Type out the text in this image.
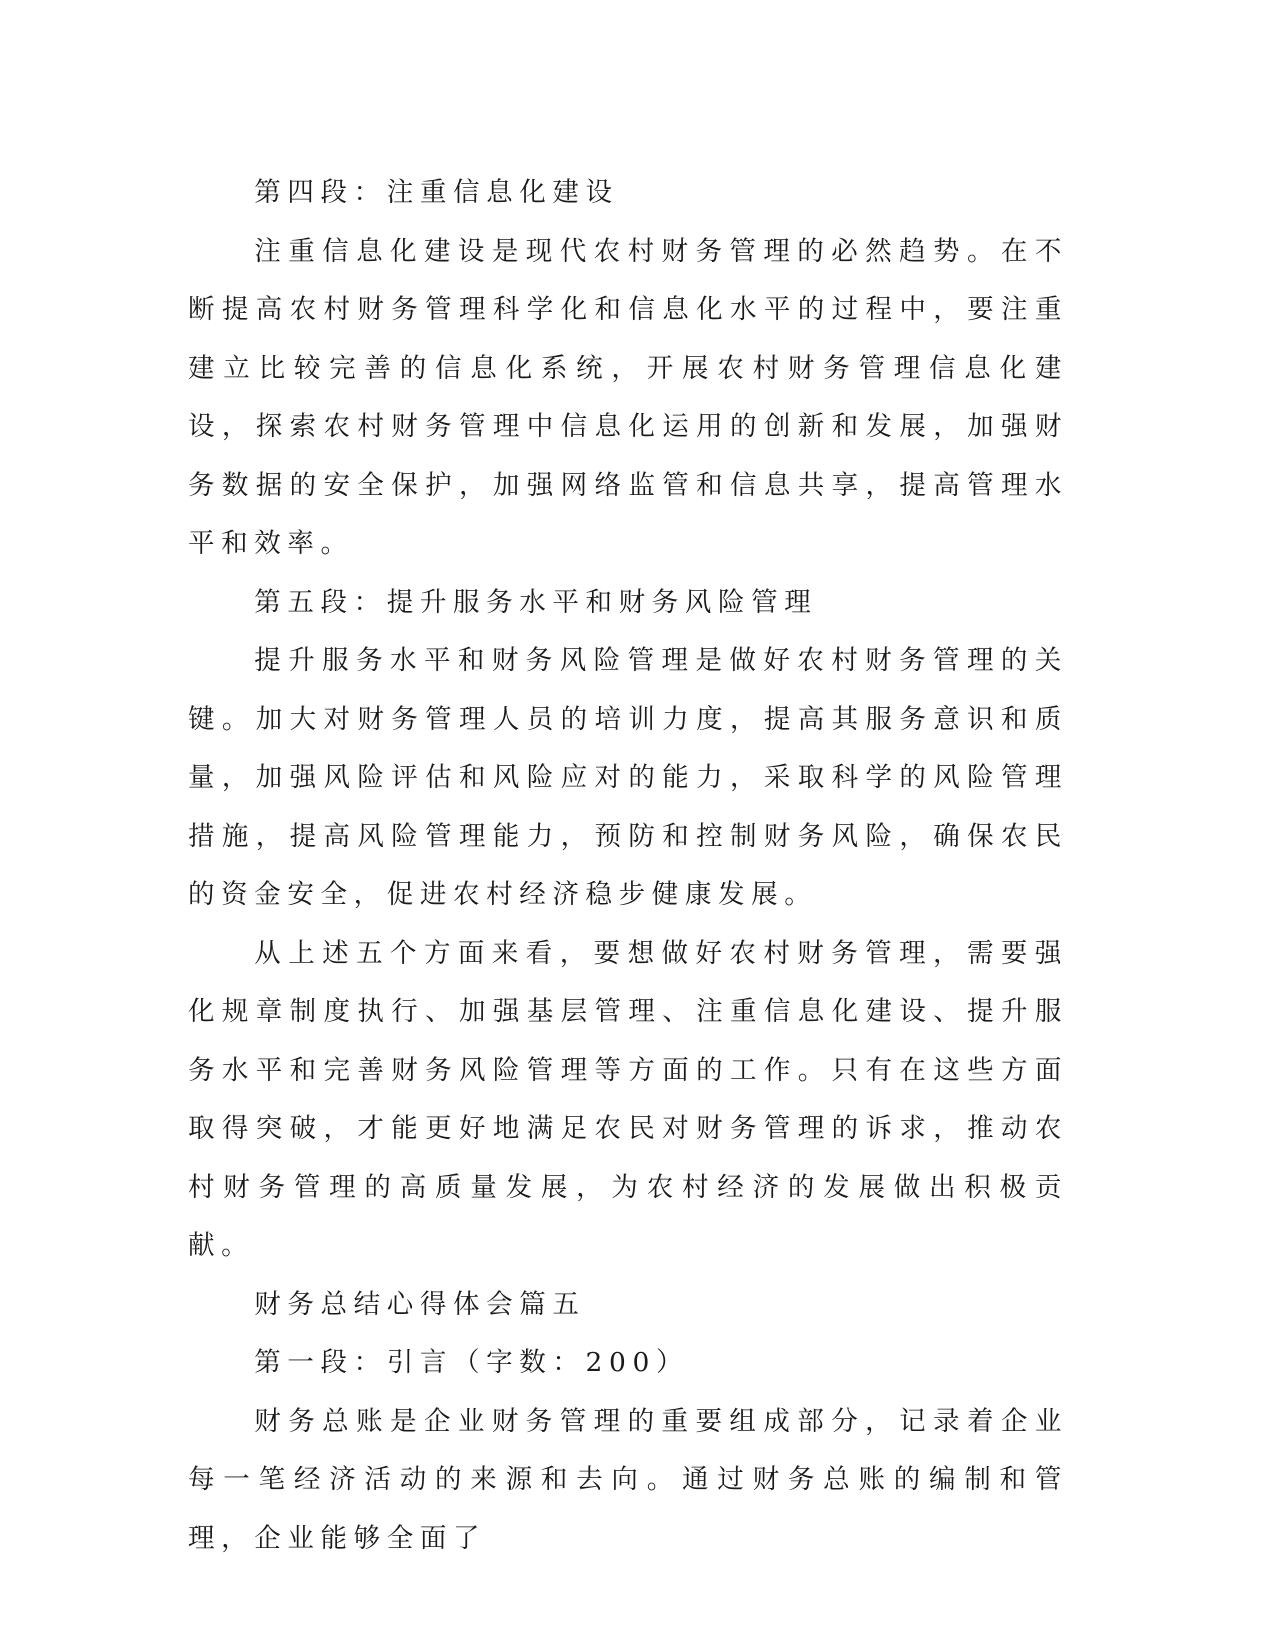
第四段：注重信息化建设

注重信息化建设是现代农村财务管理的必然趋势。在不断提高农村财务管理科学化和信息化水平的过程中，要注重建立比较完善的信息化系统，开展农村财务管理信息化建设，探索农村财务管理中信息化运用的创新和发展，加强财务数据的安全保护，加强网络监管和信息共享，提高管理水平和效率。

第五段：提升服务水平和财务风险管理

提升服务水平和财务风险管理是做好农村财务管理的关键。加大对财务管理人员的培训力度，提高其服务意识和质量，加强风险评估和风险应对的能力，采取科学的风险管理措施，提高风险管理能力，预防和控制财务风险，确保农民的资金安全，促进农村经济稳步健康发展。

从上述五个方面来看，要想做好农村财务管理，需要强化规章制度执行、加强基层管理、注重信息化建设、提升服务水平和完善财务风险管理等方面的工作。只有在这些方面取得突破，才能更好地满足农民对财务管理的诉求，推动农村财务管理的高质量发展，为农村经济的发展做出积极贡献。

财务总结心得体会篇五

第一段：引言（字数：200）

财务总账是企业财务管理的重要组成部分，记录着企业每一笔经济活动的来源和去向。通过财务总账的编制和管理，企业能够全面了
